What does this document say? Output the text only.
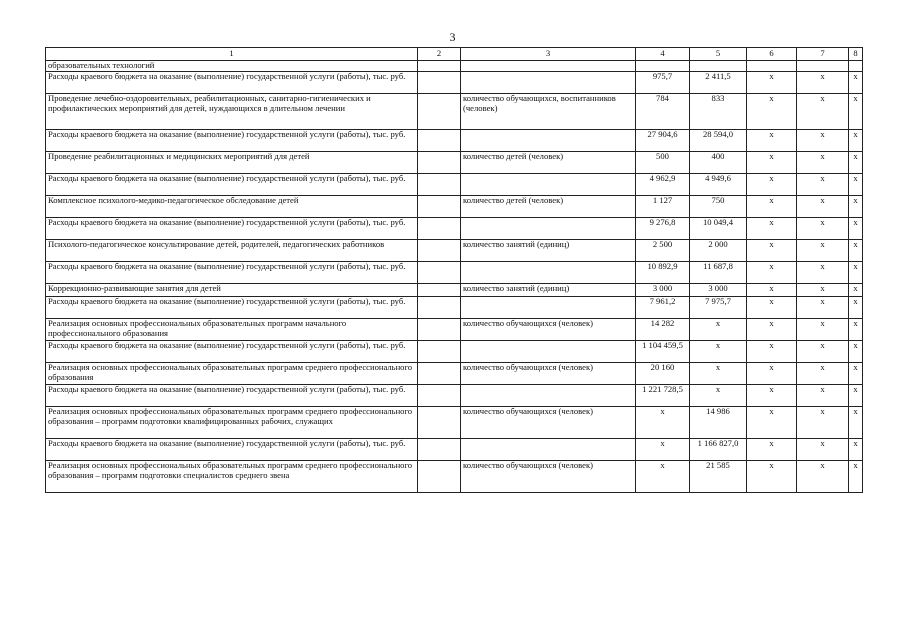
3
1	2	3	4	5	6	7	8
образовательных технологий							
Расходы краевого бюджета на оказание (выполнение) государственной услуги (работы), тыс. руб.			975,7	2 411,5	х	х	х
Проведение лечебно-оздоровительных, реабилитационных, санитарно-гигиенических и профилактических мероприятий для детей, нуждающихся в длительном лечении		количество обучающихся, воспитанников (человек)	784	833	х	х	х
Расходы краевого бюджета на оказание (выполнение) государственной услуги (работы), тыс. руб.			27 904,6	28 594,0	х	х	х
Проведение реабилитационных и медицинских мероприятий для детей		количество детей (человек)	500	400	х	х	х
Расходы краевого бюджета на оказание (выполнение) государственной услуги (работы), тыс. руб.			4 962,9	4 949,6	х	х	х
Комплексное психолого-медико-педагогическое обследование детей		количество детей (человек)	1 127	750	х	х	х
Расходы краевого бюджета на оказание (выполнение) государственной услуги (работы), тыс. руб.			9 276,8	10 049,4	х	х	х
Психолого-педагогическое консультирование детей, родителей, педагогических работников		количество занятий (единиц)	2 500	2 000	х	х	х
Расходы краевого бюджета на оказание (выполнение) государственной услуги (работы), тыс. руб.			10 892,9	11 687,8	х	х	х
Коррекционно-развивающие занятия для детей		количество занятий (единиц)	3 000	3 000	х	х	х
Расходы краевого бюджета на оказание (выполнение) государственной услуги (работы), тыс. руб.			7 961,2	7 975,7	х	х	х
Реализация основных профессиональных образовательных программ начального профессионального образования		количество обучающихся (человек)	14 282	х	х	х	х
Расходы краевого бюджета на оказание (выполнение) государственной услуги (работы), тыс. руб.			1 104 459,5	х	х	х	х
Реализация основных профессиональных образовательных программ среднего профессионального образования		количество обучающихся (человек)	20 160	х	х	х	х
Расходы краевого бюджета на оказание (выполнение) государственной услуги (работы), тыс. руб.			1 221 728,5	х	х	х	х
Реализация основных профессиональных образовательных программ среднего профессионального образования – программ подготовки квалифицированных рабочих, служащих		количество обучающихся (человек)	х	14 986	х	х	х
Расходы краевого бюджета на оказание (выполнение) государственной услуги (работы), тыс. руб.			х	1 166 827,0	х	х	х
Реализация основных профессиональных образовательных программ среднего профессионального образования – программ подготовки специалистов среднего звена		количество обучающихся (человек)	х	21 585	х	х	х
